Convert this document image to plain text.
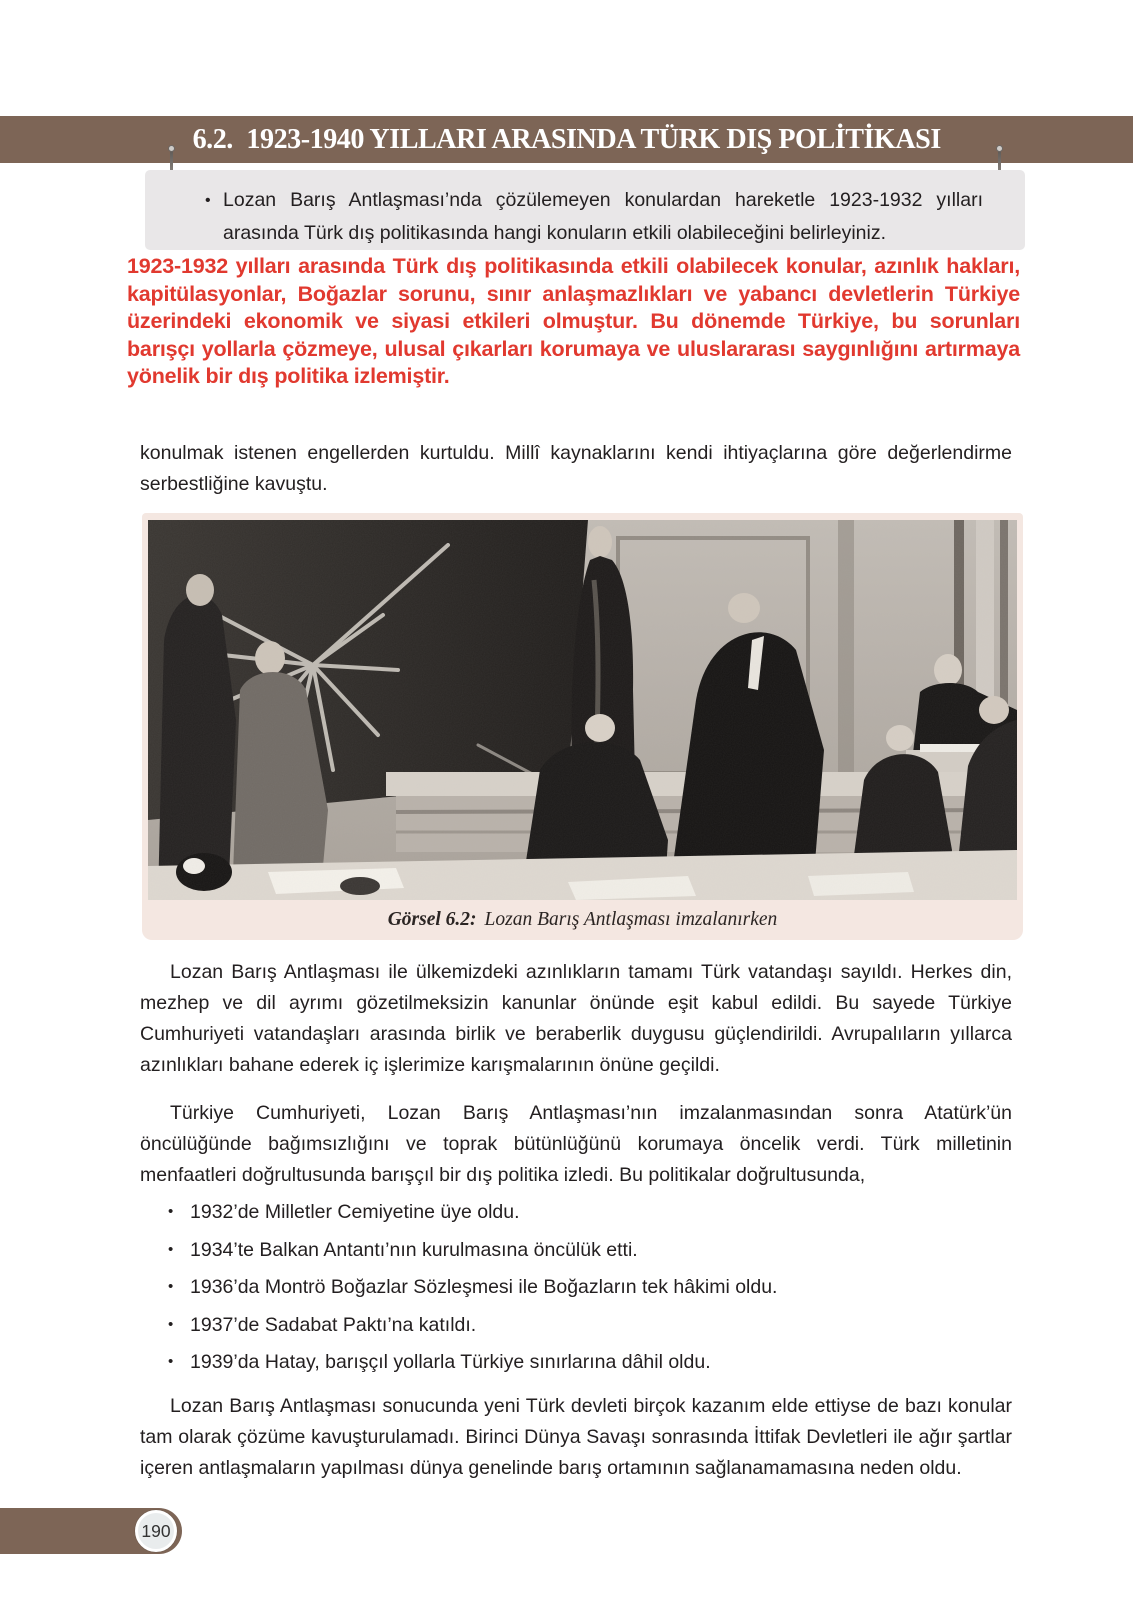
6.2. 1923-1940 YILLARI ARASINDA TÜRK DIŞ POLİTİKASI
• Lozan Barış Antlaşması’nda çözülemeyen konulardan hareketle 1923-1932 yılları arasında Türk dış politikasında hangi konuların etkili olabileceğini belirleyiniz.
1923-1932 yılları arasında Türk dış politikasında etkili olabilecek konular, azınlık hakları, kapitülasyonlar, Boğazlar sorunu, sınır anlaşmazlıkları ve yabancı devletlerin Türkiye üzerindeki ekonomik ve siyasi etkileri olmuştur. Bu dönemde Türkiye, bu sorunları barışçı yollarla çözmeye, ulusal çıkarları korumaya ve uluslararası saygınlığını artırmaya yönelik bir dış politika izlemiştir.
konulmak istenen engellerden kurtuldu. Millî kaynaklarını kendi ihtiyaçlarına göre değerlendirme serbestliğine kavuştu.
Görsel 6.2: Lozan Barış Antlaşması imzalanırken
Lozan Barış Antlaşması ile ülkemizdeki azınlıkların tamamı Türk vatandaşı sayıldı. Herkes din, mezhep ve dil ayrımı gözetilmeksizin kanunlar önünde eşit kabul edildi. Bu sayede Türkiye Cumhuriyeti vatandaşları arasında birlik ve beraberlik duygusu güçlendirildi. Avrupalıların yıllarca azınlıkları bahane ederek iç işlerimize karışmalarının önüne geçildi.
Türkiye Cumhuriyeti, Lozan Barış Antlaşması’nın imzalanmasından sonra Atatürk’ün öncülüğünde bağımsızlığını ve toprak bütünlüğünü korumaya öncelik verdi. Türk milletinin menfaatleri doğrultusunda barışçıl bir dış politika izledi. Bu politikalar doğrultusunda,
• 1932’de Milletler Cemiyetine üye oldu.
• 1934’te Balkan Antantı’nın kurulmasına öncülük etti.
• 1936’da Montrö Boğazlar Sözleşmesi ile Boğazların tek hâkimi oldu.
• 1937’de Sadabat Paktı’na katıldı.
• 1939’da Hatay, barışçıl yollarla Türkiye sınırlarına dâhil oldu.
Lozan Barış Antlaşması sonucunda yeni Türk devleti birçok kazanım elde ettiyse de bazı konular tam olarak çözüme kavuşturulamadı. Birinci Dünya Savaşı sonrasında İttifak Devletleri ile ağır şartlar içeren antlaşmaların yapılması dünya genelinde barış ortamının sağlanamamasına neden oldu.
190
